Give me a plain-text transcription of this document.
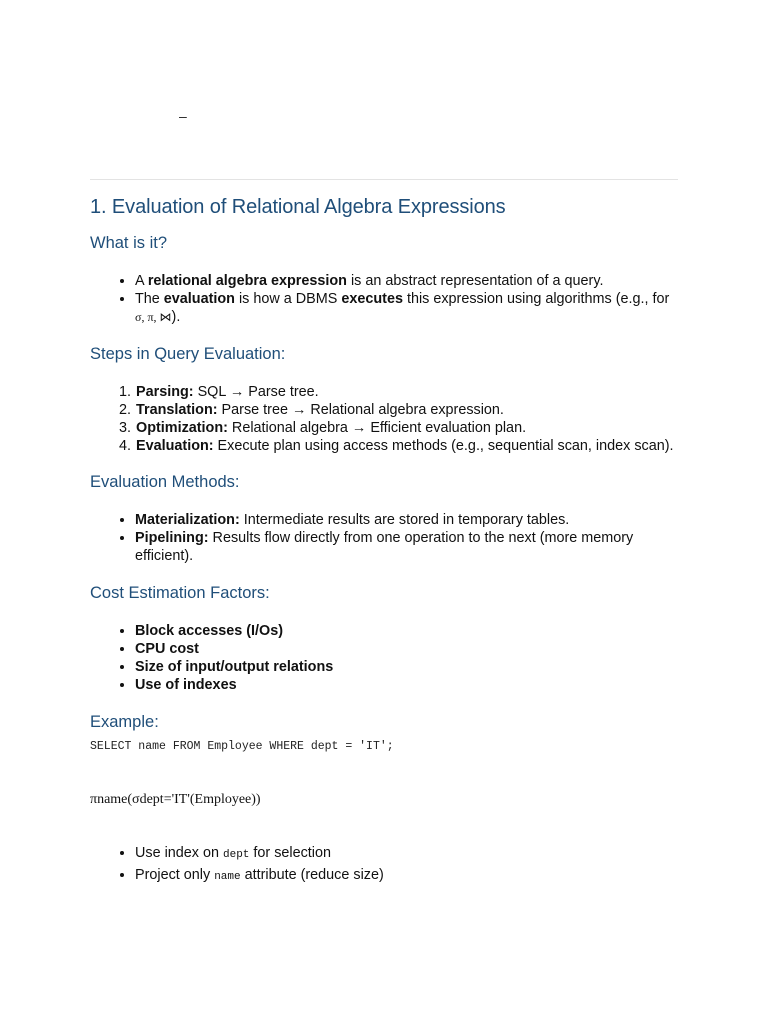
–
1. Evaluation of Relational Algebra Expressions
What is it?
• A relational algebra expression is an abstract representation of a query.
• The evaluation is how a DBMS executes this expression using algorithms (e.g., for σ, π, ⋈).
Steps in Query Evaluation:
1. Parsing: SQL → Parse tree.
2. Translation: Parse tree → Relational algebra expression.
3. Optimization: Relational algebra → Efficient evaluation plan.
4. Evaluation: Execute plan using access methods (e.g., sequential scan, index scan).
Evaluation Methods:
• Materialization: Intermediate results are stored in temporary tables.
• Pipelining: Results flow directly from one operation to the next (more memory efficient).
Cost Estimation Factors:
• Block accesses (I/Os)
• CPU cost
• Size of input/output relations
• Use of indexes
Example:
SELECT name FROM Employee WHERE dept = 'IT';
πname(σdept='IT'(Employee))
• Use index on dept for selection
• Project only name attribute (reduce size)
